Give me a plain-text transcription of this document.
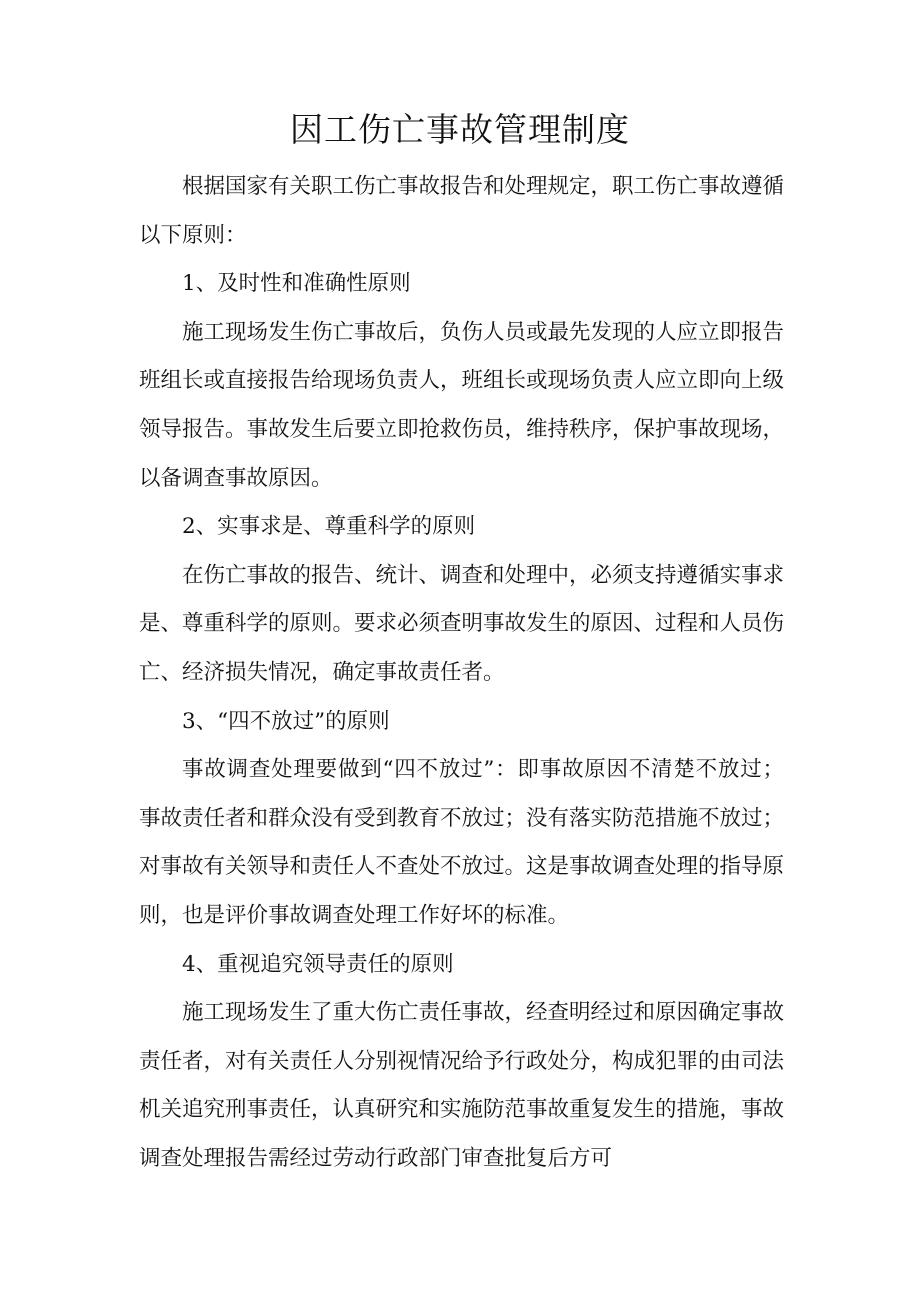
因工伤亡事故管理制度

根据国家有关职工伤亡事故报告和处理规定，职工伤亡事故遵循以下原则：

1、及时性和准确性原则

施工现场发生伤亡事故后，负伤人员或最先发现的人应立即报告班组长或直接报告给现场负责人，班组长或现场负责人应立即向上级领导报告。事故发生后要立即抢救伤员，维持秩序，保护事故现场，以备调查事故原因。

2、实事求是、尊重科学的原则

在伤亡事故的报告、统计、调查和处理中，必须支持遵循实事求是、尊重科学的原则。要求必须查明事故发生的原因、过程和人员伤亡、经济损失情况，确定事故责任者。

3、“四不放过”的原则

事故调查处理要做到“四不放过”：即事故原因不清楚不放过；事故责任者和群众没有受到教育不放过；没有落实防范措施不放过；对事故有关领导和责任人不查处不放过。这是事故调查处理的指导原则，也是评价事故调查处理工作好坏的标准。

4、重视追究领导责任的原则

施工现场发生了重大伤亡责任事故，经查明经过和原因确定事故责任者，对有关责任人分别视情况给予行政处分，构成犯罪的由司法机关追究刑事责任，认真研究和实施防范事故重复发生的措施，事故调查处理报告需经过劳动行政部门审查批复后方可
